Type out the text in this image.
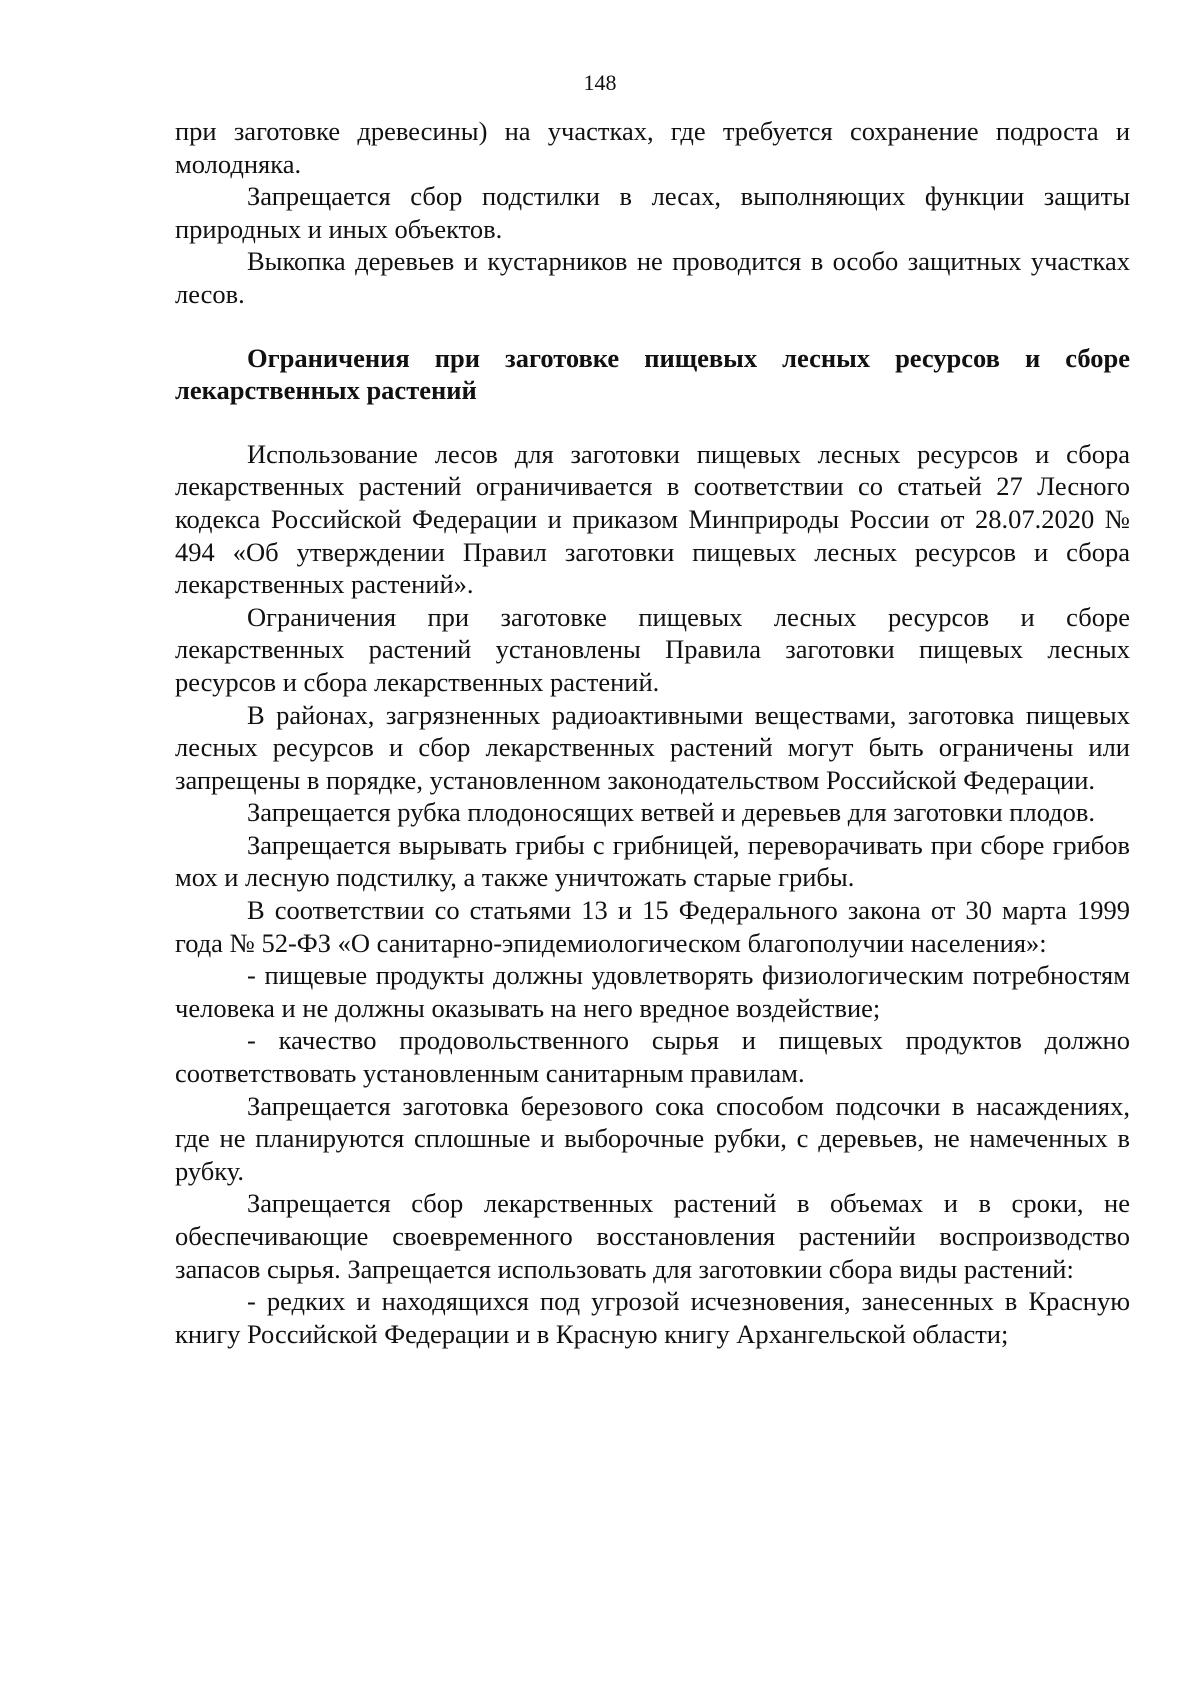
148

при заготовке древесины) на участках, где требуется сохранение подроста и молодняка.

Запрещается сбор подстилки в лесах, выполняющих функции защиты природных и иных объектов.

Выкопка деревьев и кустарников не проводится в особо защитных участках лесов.

Ограничения при заготовке пищевых лесных ресурсов и сборе лекарственных растений

Использование лесов для заготовки пищевых лесных ресурсов и сбора лекарственных растений ограничивается в соответствии со статьей 27 Лесного кодекса Российской Федерации и приказом Минприроды России от 28.07.2020 № 494 «Об утверждении Правил заготовки пищевых лесных ресурсов и сбора лекарственных растений».

Ограничения при заготовке пищевых лесных ресурсов и сборе лекарственных растений установлены Правила заготовки пищевых лесных ресурсов и сбора лекарственных растений.

В районах, загрязненных радиоактивными веществами, заготовка пищевых лесных ресурсов и сбор лекарственных растений могут быть ограничены или запрещены в порядке, установленном законодательством Российской Федерации.

Запрещается рубка плодоносящих ветвей и деревьев для заготовки плодов.

Запрещается вырывать грибы с грибницей, переворачивать при сборе грибов мох и лесную подстилку, а также уничтожать старые грибы.

В соответствии со статьями 13 и 15 Федерального закона от 30 марта 1999 года № 52-ФЗ «О санитарно-эпидемиологическом благополучии населения»:

- пищевые продукты должны удовлетворять физиологическим потребностям человека и не должны оказывать на него вредное воздействие;

- качество продовольственного сырья и пищевых продуктов должно соответствовать установленным санитарным правилам.

Запрещается заготовка березового сока способом подсочки в насаждениях, где не планируются сплошные и выборочные рубки, с деревьев, не намеченных в рубку.

Запрещается сбор лекарственных растений в объемах и в сроки, не обеспечивающие своевременного восстановления растенийи воспроизводство запасов сырья. Запрещается использовать для заготовкии сбора виды растений:

- редких и находящихся под угрозой исчезновения, занесенных в Красную книгу Российской Федерации и в Красную книгу Архангельской области;
